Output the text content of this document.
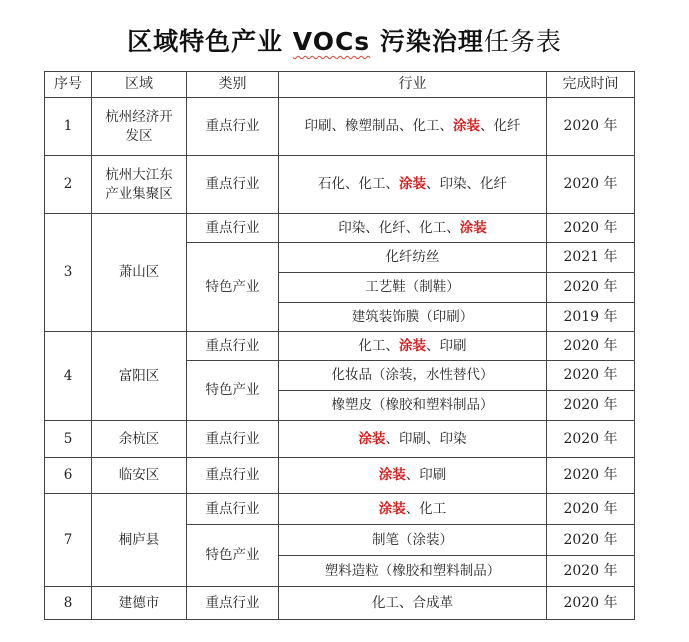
区域特色产业 VOCs 污染治理任务表
序号	区域	类别	行业	完成时间
1	杭州经济开发区	重点行业	印刷、橡塑制品、化工、涂装、化纤	2020 年
2	杭州大江东产业集聚区	重点行业	石化、化工、涂装、印染、化纤	2020 年
3	萧山区	重点行业	印染、化纤、化工、涂装	2020 年
		特色产业	化纤纺丝	2021 年
			工艺鞋（制鞋）	2020 年
			建筑装饰膜（印刷）	2019 年
4	富阳区	重点行业	化工、涂装、印刷	2020 年
		特色产业	化妆品（涂装，水性替代）	2020 年
			橡塑皮（橡胶和塑料制品）	2020 年
5	余杭区	重点行业	涂装、印刷、印染	2020 年
6	临安区	重点行业	涂装、印刷	2020 年
7	桐庐县	重点行业	涂装、化工	2020 年
		特色产业	制笔（涂装）	2020 年
			塑料造粒（橡胶和塑料制品）	2020 年
8	建德市	重点行业	化工、合成革	2020 年
